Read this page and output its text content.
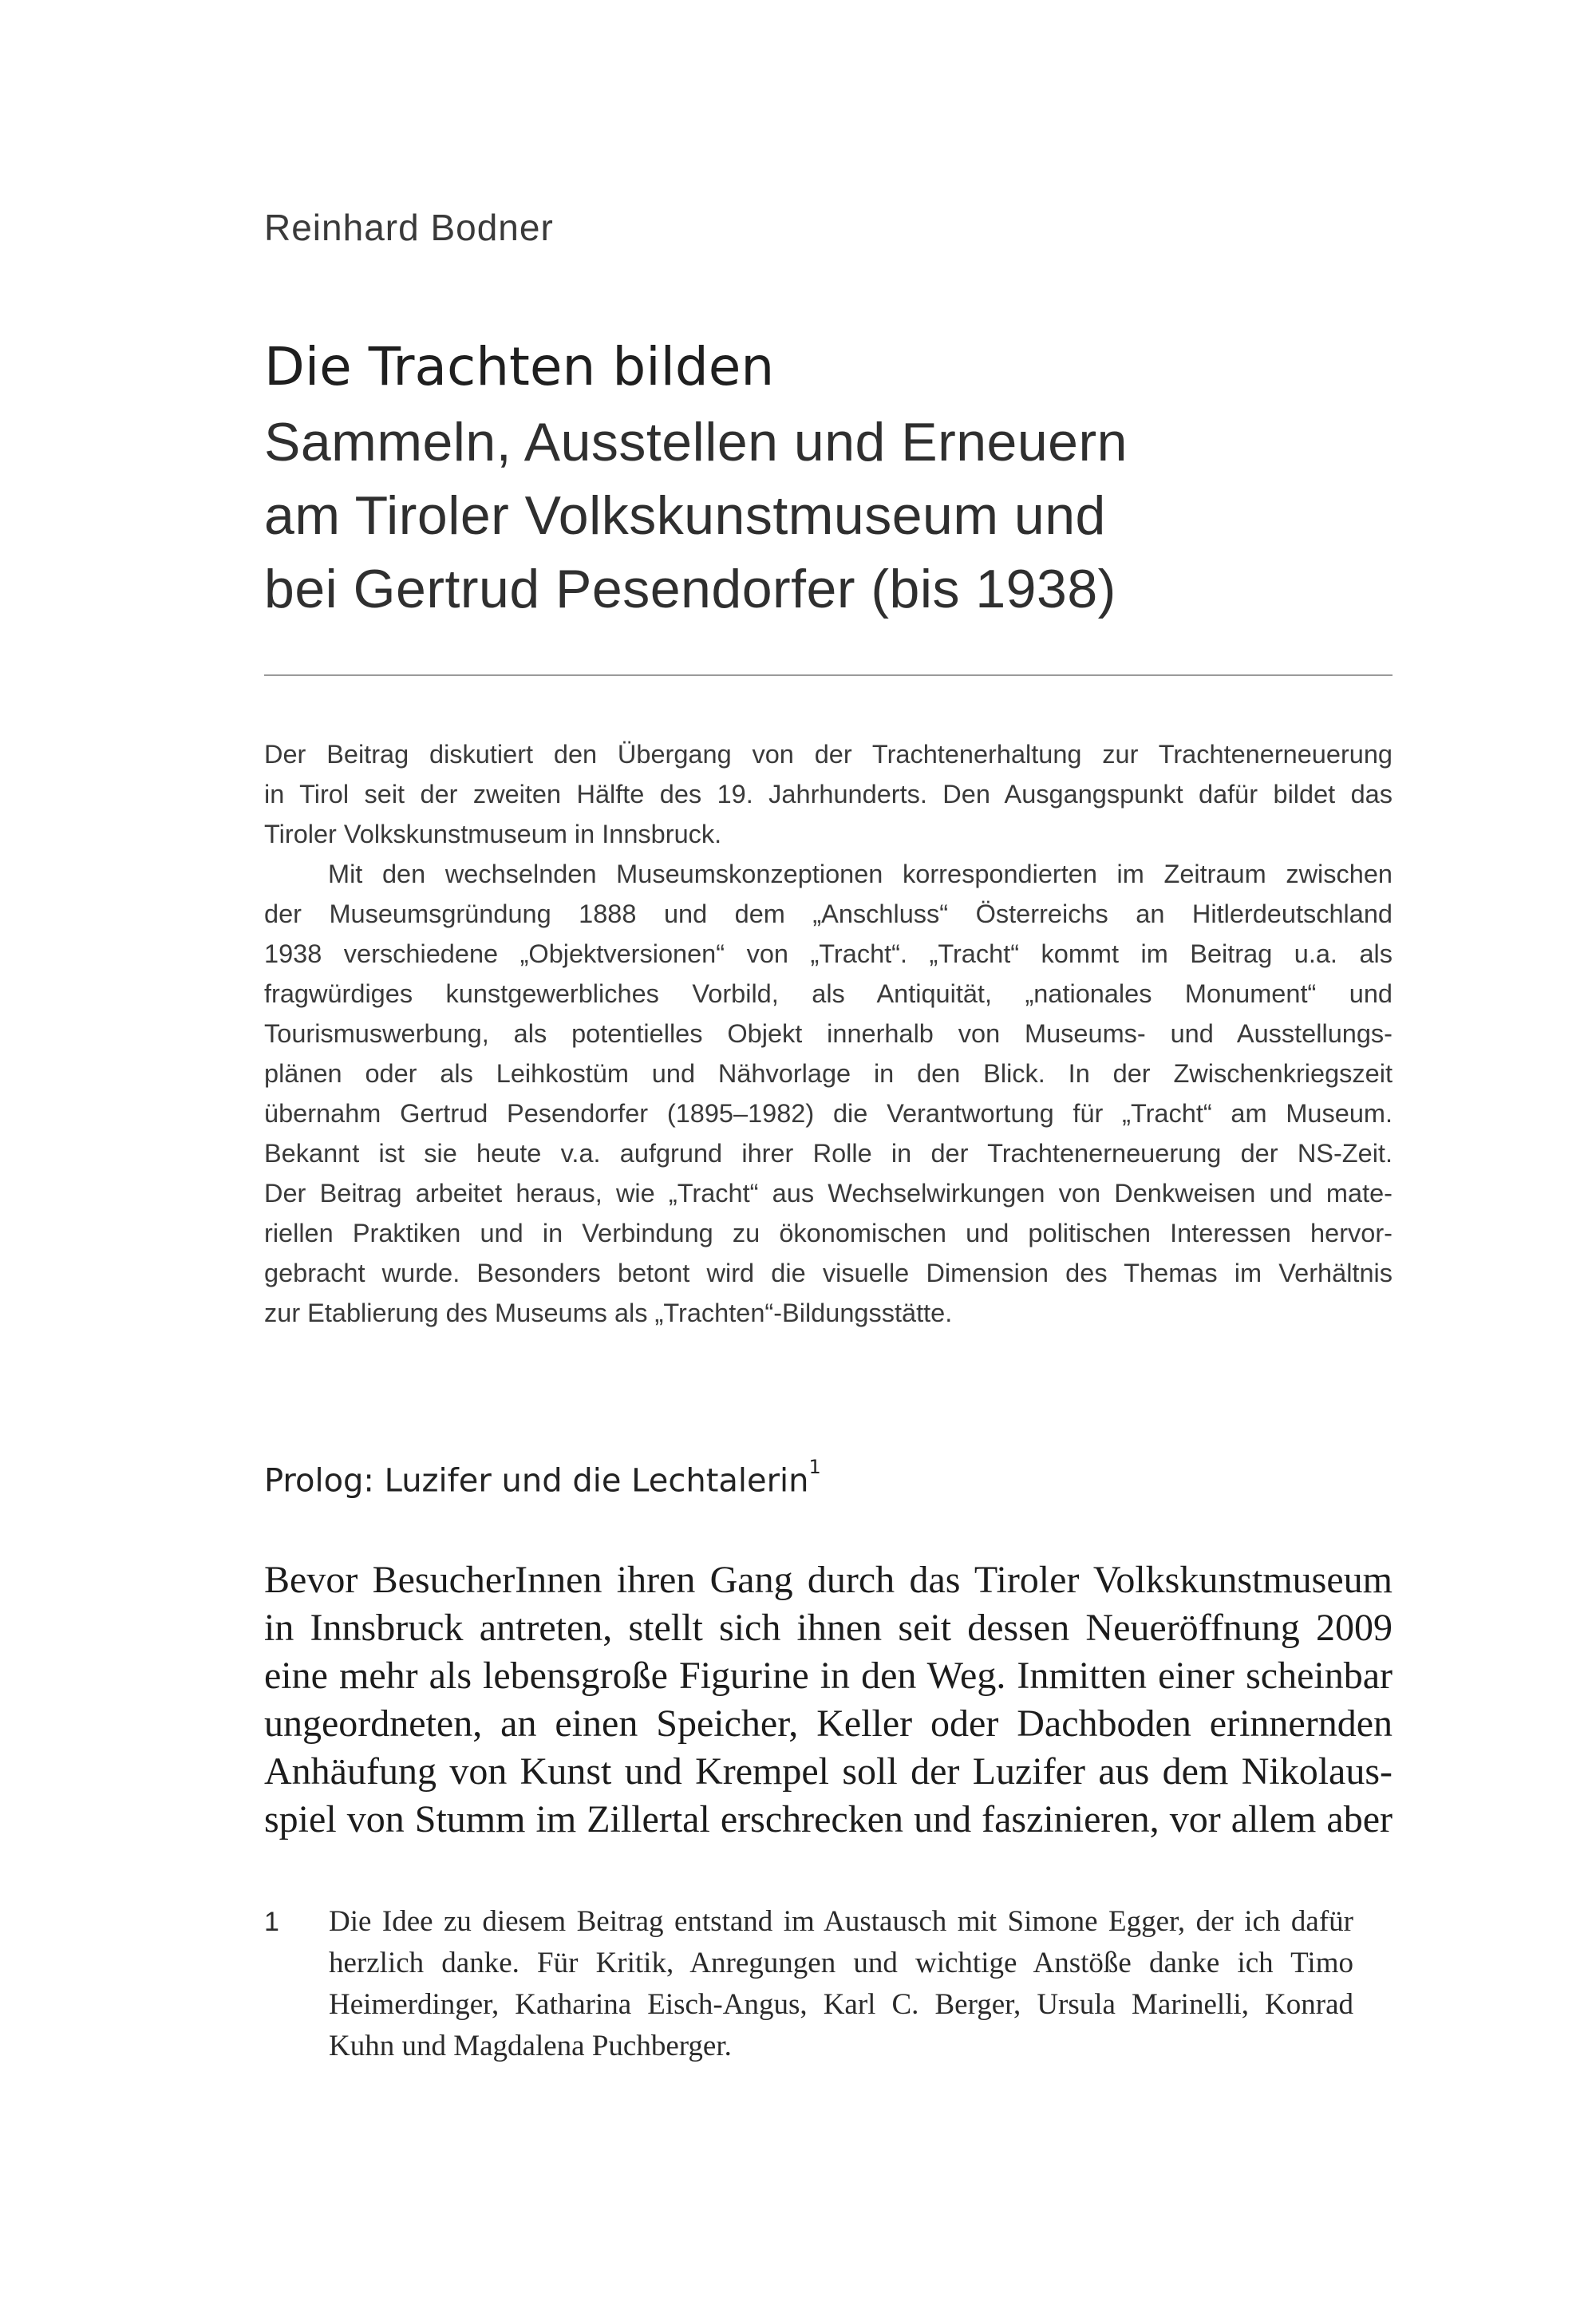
Reinhard Bodner
Die Trachten bilden
Sammeln, Ausstellen und Erneuern
am Tiroler Volkskunstmuseum und
bei Gertrud Pesendorfer (bis 1938)
Der Beitrag diskutiert den Übergang von der Trachtenerhaltung zur Trachtenerneuerung
in Tirol seit der zweiten Hälfte des 19. Jahrhunderts. Den Ausgangspunkt dafür bildet das
Tiroler Volkskunstmuseum in Innsbruck.
Mit den wechselnden Museumskonzeptionen korrespondierten im Zeitraum zwischen
der Museumsgründung 1888 und dem „Anschluss“ Österreichs an Hitlerdeutschland
1938 verschiedene „Objektversionen“ von „Tracht“. „Tracht“ kommt im Beitrag u.a. als
fragwürdiges kunstgewerbliches Vorbild, als Antiquität, „nationales Monument“ und
Tourismuswerbung, als potentielles Objekt innerhalb von Museums- und Ausstellungs-
plänen oder als Leihkostüm und Nähvorlage in den Blick. In der Zwischenkriegszeit
übernahm Gertrud Pesendorfer (1895–1982) die Verantwortung für „Tracht“ am Museum.
Bekannt ist sie heute v.a. aufgrund ihrer Rolle in der Trachtenerneuerung der NS-Zeit.
Der Beitrag arbeitet heraus, wie „Tracht“ aus Wechselwirkungen von Denkweisen und mate-
riellen Praktiken und in Verbindung zu ökonomischen und politischen Interessen hervor-
gebracht wurde. Besonders betont wird die visuelle Dimension des Themas im Verhältnis
zur Etablierung des Museums als „Trachten“-Bildungsstätte.
Prolog: Luzifer und die Lechtalerin$^1$
Bevor BesucherInnen ihren Gang durch das Tiroler Volkskunstmuseum
in Innsbruck antreten, stellt sich ihnen seit dessen Neueröffnung 2009
eine mehr als lebensgroße Figurine in den Weg. Inmitten einer scheinbar
ungeordneten, an einen Speicher, Keller oder Dachboden erinnernden
Anhäufung von Kunst und Krempel soll der Luzifer aus dem Nikolaus-
spiel von Stumm im Zillertal erschrecken und faszinieren, vor allem aber
1 Die Idee zu diesem Beitrag entstand im Austausch mit Simone Egger, der ich dafür
herzlich danke. Für Kritik, Anregungen und wichtige Anstöße danke ich Timo
Heimerdinger, Katharina Eisch-Angus, Karl C. Berger, Ursula Marinelli, Konrad
Kuhn und Magdalena Puchberger.
